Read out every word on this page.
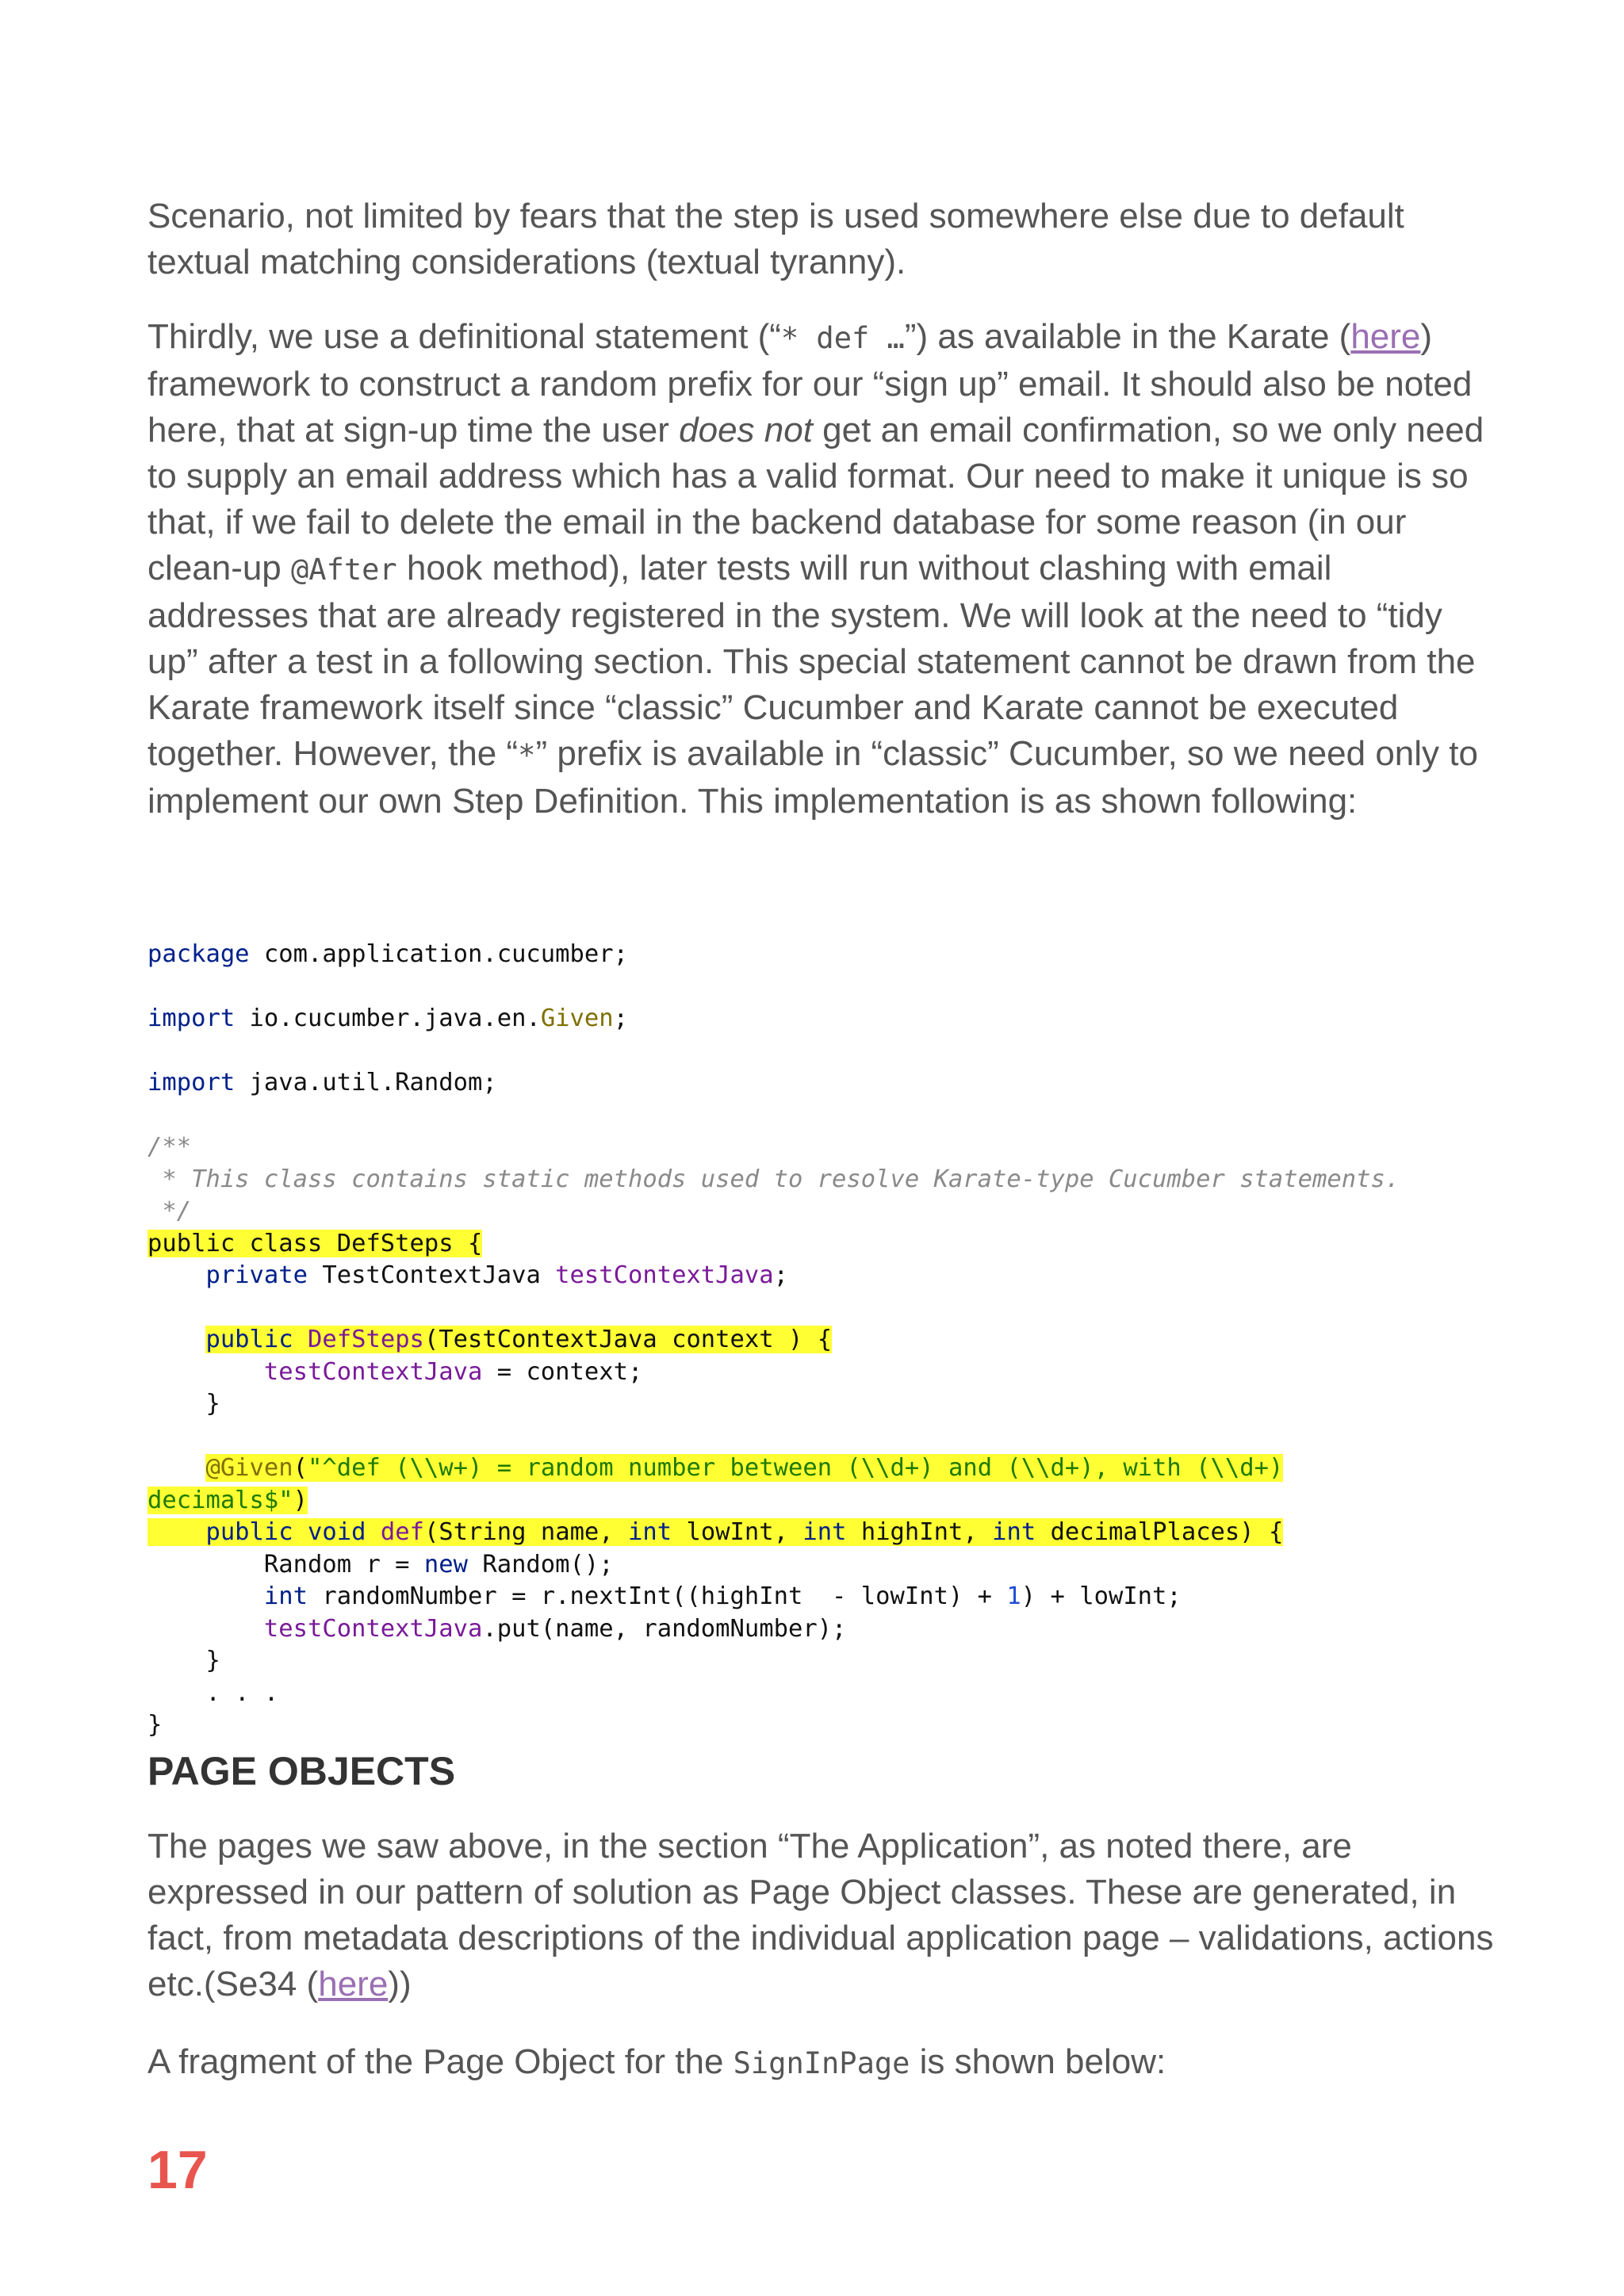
Scenario, not limited by fears that the step is used somewhere else due to default textual matching considerations (textual tyranny).

Thirdly, we use a definitional statement (“* def …”) as available in the Karate (here) framework to construct a random prefix for our “sign up” email. It should also be noted here, that at sign-up time the user does not get an email confirmation, so we only need to supply an email address which has a valid format. Our need to make it unique is so that, if we fail to delete the email in the backend database for some reason (in our clean-up @After hook method), later tests will run without clashing with email addresses that are already registered in the system. We will look at the need to “tidy up” after a test in a following section. This special statement cannot be drawn from the Karate framework itself since “classic” Cucumber and Karate cannot be executed together. However, the “*” prefix is available in “classic” Cucumber, so we need only to implement our own Step Definition. This implementation is as shown following:

package com.application.cucumber;
import io.cucumber.java.en.Given;
import java.util.Random;
/**
* This class contains static methods used to resolve Karate-type Cucumber statements.
*/
public class DefSteps {
private TestContextJava testContextJava;
public DefSteps(TestContextJava context ) {
testContextJava = context;
}
@Given("^def (\\w+) = random number between (\\d+) and (\\d+), with (\\d+)
decimals$")
public void def(String name, int lowInt, int highInt, int decimalPlaces) {
Random r = new Random();
int randomNumber = r.nextInt((highInt  - lowInt) + 1) + lowInt;
testContextJava.put(name, randomNumber);
}
. . .
}
PAGE OBJECTS

The pages we saw above, in the section “The Application”, as noted there, are expressed in our pattern of solution as Page Object classes. These are generated, in fact, from metadata descriptions of the individual application page – validations, actions etc.(Se34 (here))

A fragment of the Page Object for the SignInPage is shown below:

17
